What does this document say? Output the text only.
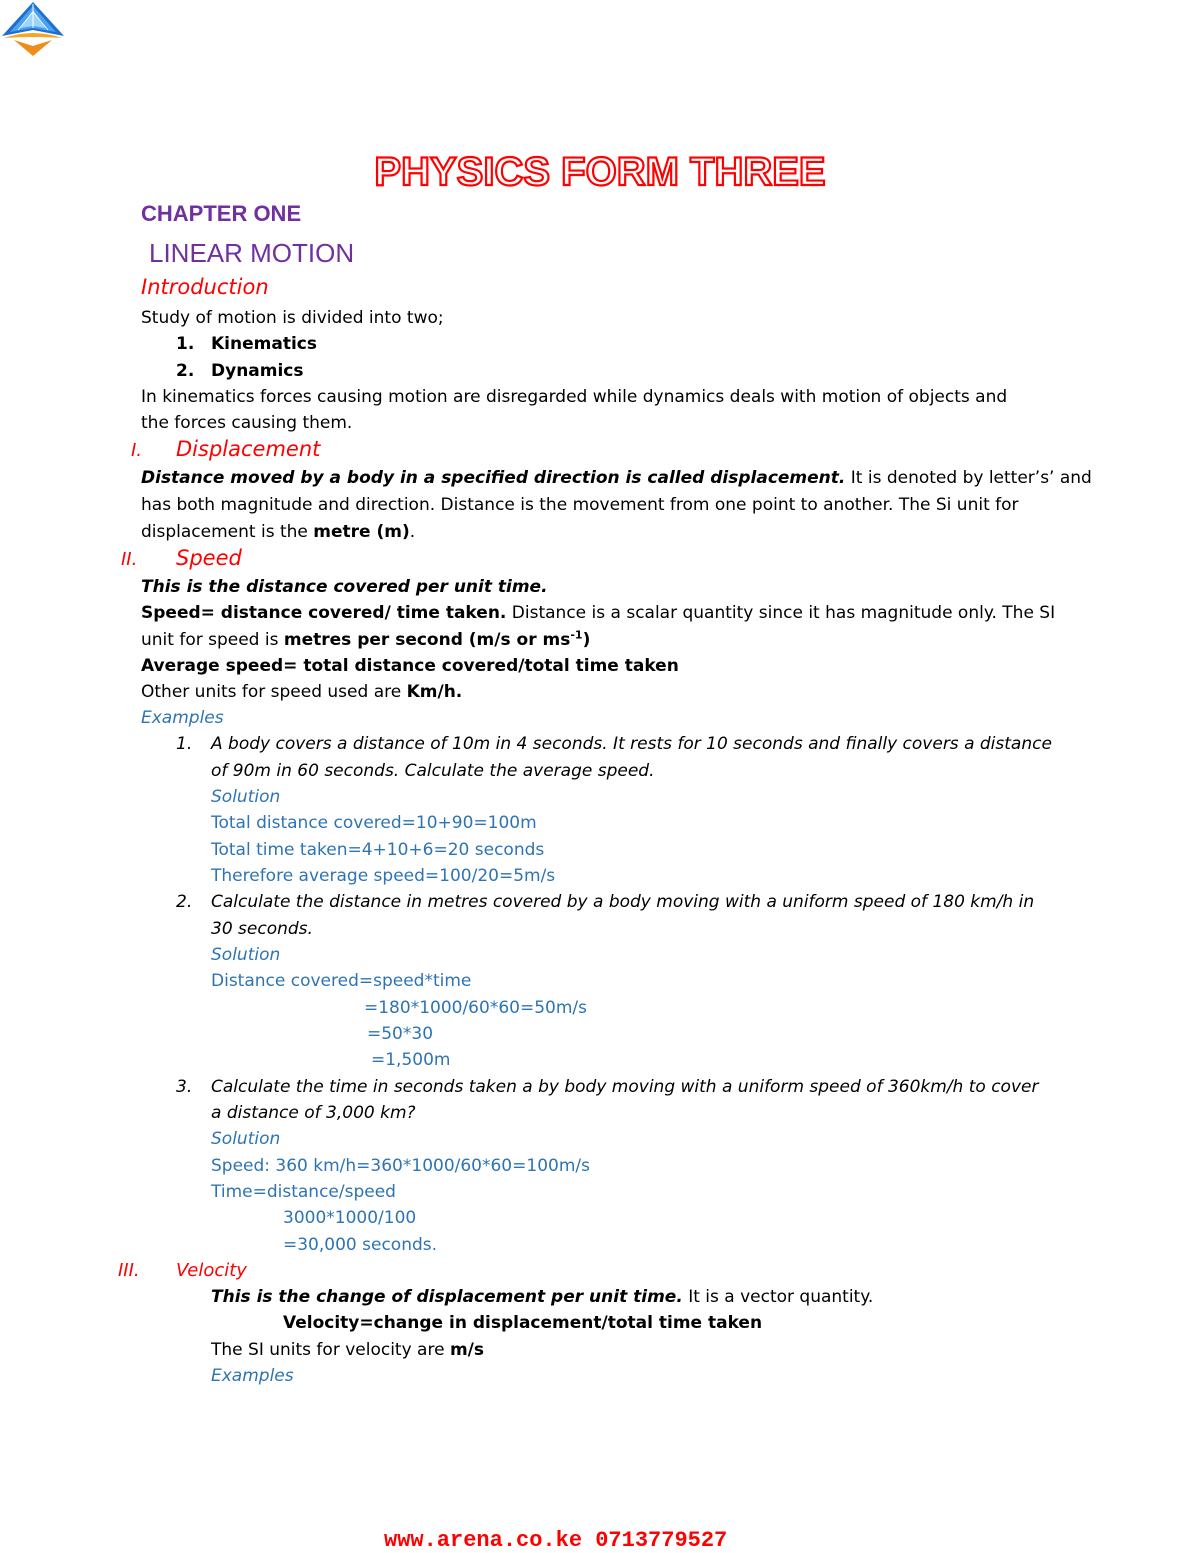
PHYSICS FORM THREE
CHAPTER ONE
LINEAR MOTION
Introduction
Study of motion is divided into two;
1. Kinematics
2. Dynamics
In kinematics forces causing motion are disregarded while dynamics deals with motion of objects and
the forces causing them.
I. Displacement
Distance moved by a body in a specified direction is called displacement. It is denoted by letter’s’ and
has both magnitude and direction. Distance is the movement from one point to another. The Si unit for
displacement is the metre (m).
II. Speed
This is the distance covered per unit time.
Speed= distance covered/ time taken. Distance is a scalar quantity since it has magnitude only. The SI
unit for speed is metres per second (m/s or $ms^{-1}$)
Average speed= total distance covered/total time taken
Other units for speed used are Km/h.
Examples
1. A body covers a distance of 10m in 4 seconds. It rests for 10 seconds and finally covers a distance
of 90m in 60 seconds. Calculate the average speed.
Solution
Total distance covered=10+90=100m
Total time taken=4+10+6=20 seconds
Therefore average speed=100/20=5m/s
2. Calculate the distance in metres covered by a body moving with a uniform speed of 180 km/h in
30 seconds.
Solution
Distance covered=speed*time
=180*1000/60*60=50m/s
=50*30
=1,500m
3. Calculate the time in seconds taken a by body moving with a uniform speed of 360km/h to cover
a distance of 3,000 km?
Solution
Speed: 360 km/h=360*1000/60*60=100m/s
Time=distance/speed
3000*1000/100
=30,000 seconds.
III. Velocity
This is the change of displacement per unit time. It is a vector quantity.
Velocity=change in displacement/total time taken
The SI units for velocity are m/s
Examples
www.arena.co.ke 0713779527
